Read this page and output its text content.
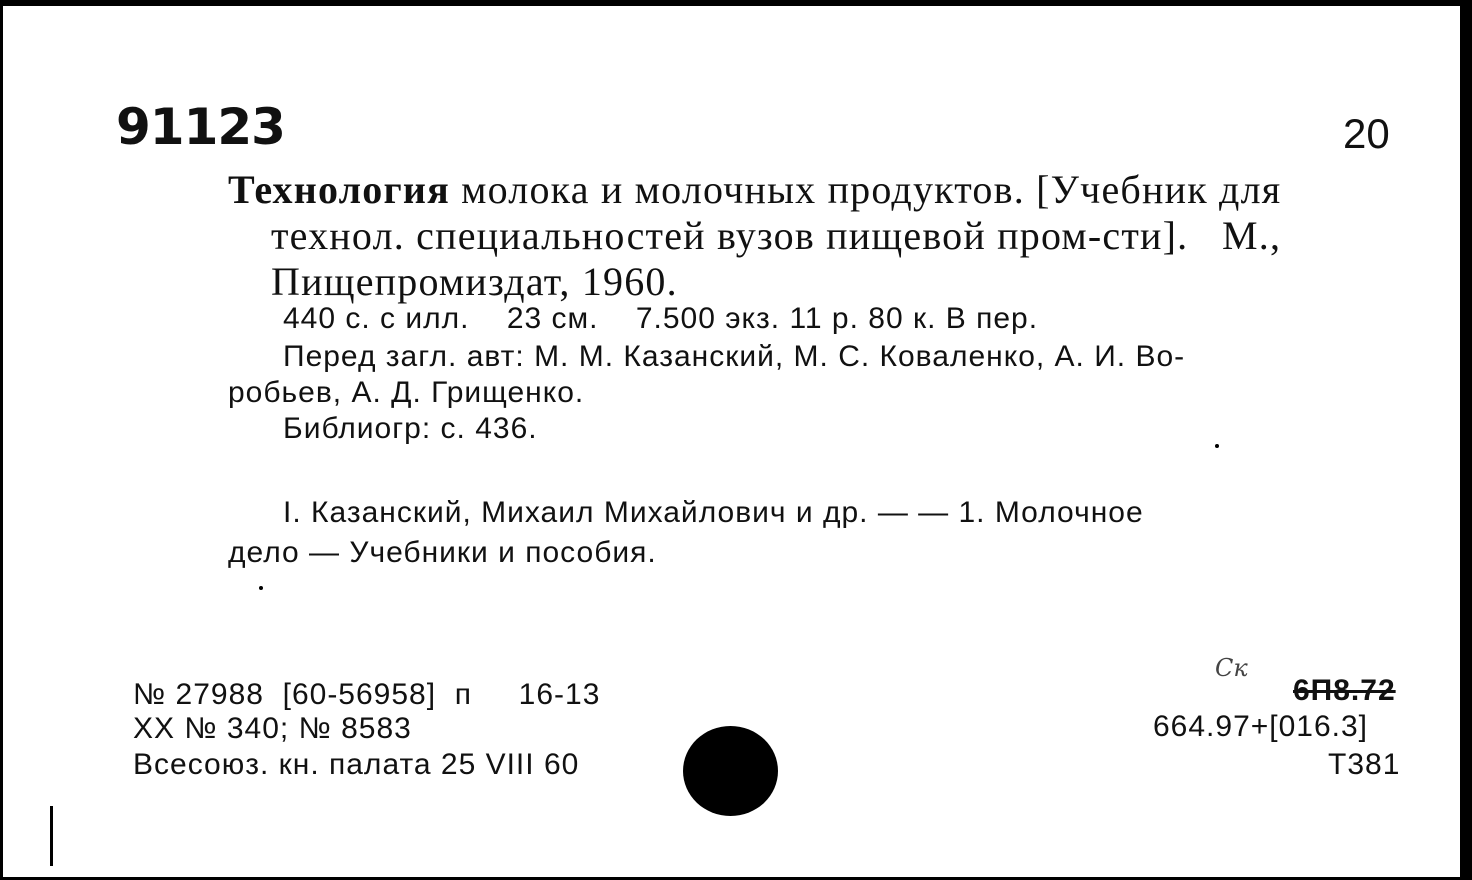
91123	20
Технология молока и молочных продуктов. [Учебник для
технол. специальностей вузов пищевой пром-сти].   М.,
Пищепромиздат, 1960.
440 с. с илл.    23 см.    7.500 экз. 11 р. 80 к. В пер.
Перед загл. авт: М. М. Казанский, М. С. Коваленко, А. И. Во-
робьев, А. Д. Грищенко.
Библиогр: с. 436.
I. Казанский, Михаил Михайлович и др. — — 1. Молочное
дело — Учебники и пособия.
№ 27988  [60-56958]  п     16-13
XX № 340; № 8583
Всесоюз. кн. палата 25 VIII 60
Ск
6П8.72
664.97+[016.3]
Т381
